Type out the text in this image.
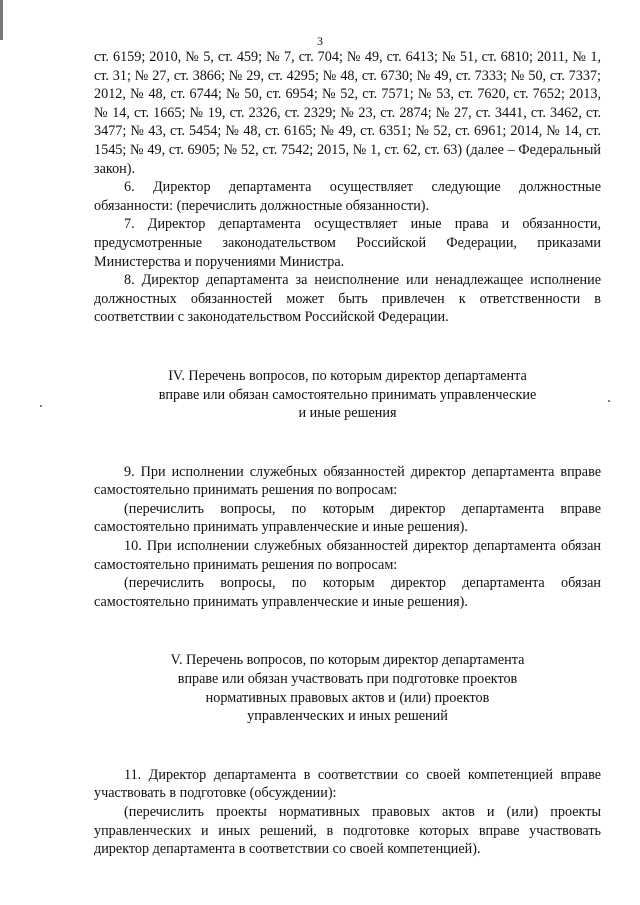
3

ст. 6159; 2010, № 5, ст. 459; № 7, ст. 704; № 49, ст. 6413; № 51, ст. 6810; 2011, № 1, ст. 31; № 27, ст. 3866; № 29, ст. 4295; № 48, ст. 6730; № 49, ст. 7333; № 50, ст. 7337; 2012, № 48, ст. 6744; № 50, ст. 6954; № 52, ст. 7571; № 53, ст. 7620, ст. 7652; 2013, № 14, ст. 1665; № 19, ст. 2326, ст. 2329; № 23, ст. 2874; № 27, ст. 3441, ст. 3462, ст. 3477; № 43, ст. 5454; № 48, ст. 6165; № 49, ст. 6351; № 52, ст. 6961; 2014, № 14, ст. 1545; № 49, ст. 6905; № 52, ст. 7542; 2015, № 1, ст. 62, ст. 63) (далее – Федеральный закон).

6. Директор департамента осуществляет следующие должностные обязанности: (перечислить должностные обязанности).

7. Директор департамента осуществляет иные права и обязанности, предусмотренные законодательством Российской Федерации, приказами Министерства и поручениями Министра.

8. Директор департамента за неисполнение или ненадлежащее исполнение должностных обязанностей может быть привлечен к ответственности в соответствии с законодательством Российской Федерации.

IV. Перечень вопросов, по которым директор департамента
вправе или обязан самостоятельно принимать управленческие
и иные решения

9. При исполнении служебных обязанностей директор департамента вправе самостоятельно принимать решения по вопросам:

(перечислить вопросы, по которым директор департамента вправе самостоятельно принимать управленческие и иные решения).

10. При исполнении служебных обязанностей директор департамента обязан самостоятельно принимать решения по вопросам:

(перечислить вопросы, по которым директор департамента обязан самостоятельно принимать управленческие и иные решения).

V. Перечень вопросов, по которым директор департамента
вправе или обязан участвовать при подготовке проектов
нормативных правовых актов и (или) проектов
управленческих и иных решений

11. Директор департамента в соответствии со своей компетенцией вправе участвовать в подготовке (обсуждении):

(перечислить проекты нормативных правовых актов и (или) проекты управленческих и иных решений, в подготовке которых вправе участвовать директор департамента в соответствии со своей компетенцией).
